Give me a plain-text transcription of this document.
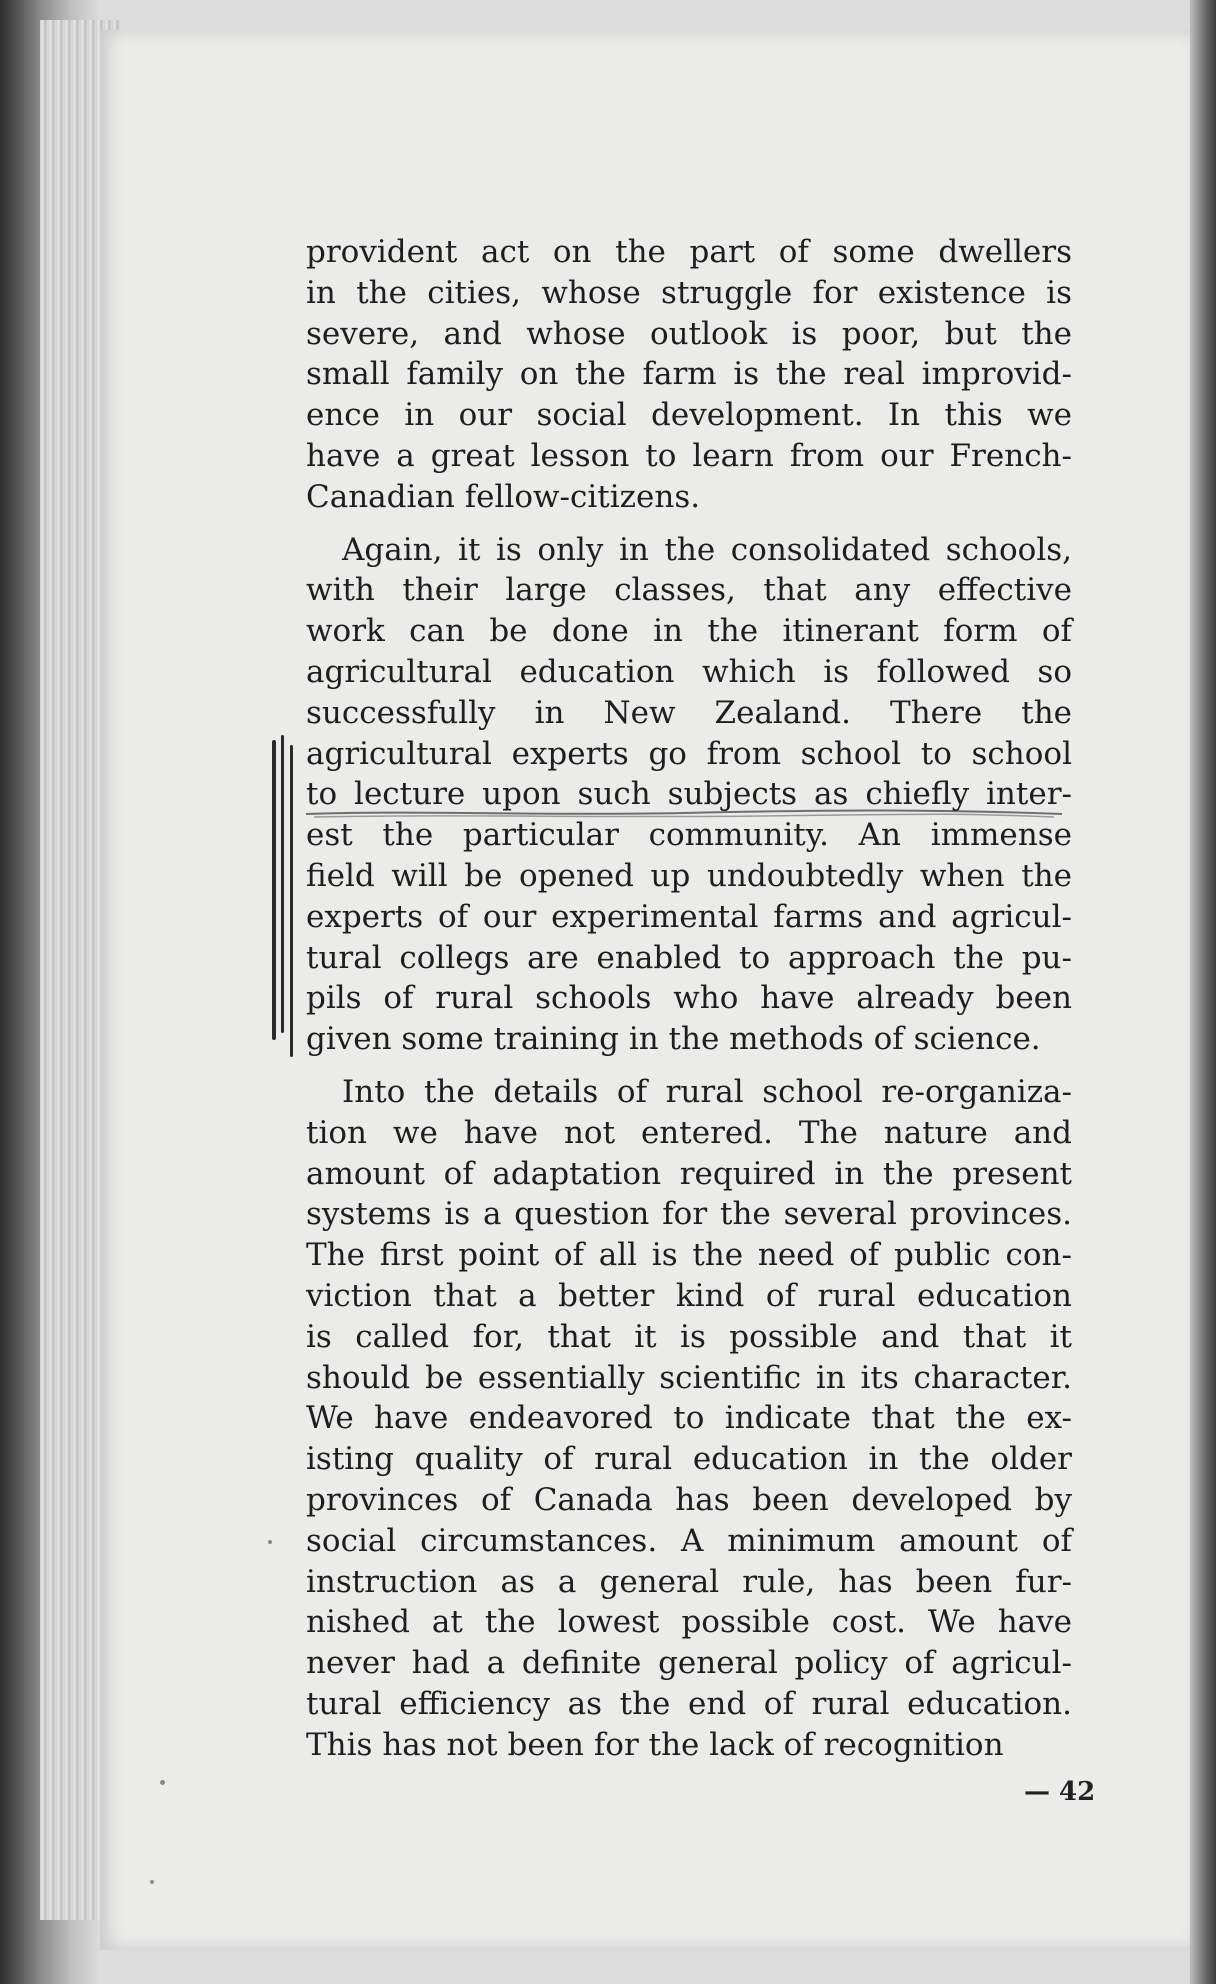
provident act on the part of some dwellers
in the cities, whose struggle for existence is
severe, and whose outlook is poor, but the
small family on the farm is the real improvid-
ence in our social development. In this we
have a great lesson to learn from our French-
Canadian fellow-citizens.
Again, it is only in the consolidated schools,
with their large classes, that any effective
work can be done in the itinerant form of
agricultural education which is followed so
successfully in New Zealand. There the
agricultural experts go from school to school
to lecture upon such subjects as chiefly inter-
est the particular community. An immense
field will be opened up undoubtedly when the
experts of our experimental farms and agricul-
tural collegs are enabled to approach the pu-
pils of rural schools who have already been
given some training in the methods of science.
Into the details of rural school re-organiza-
tion we have not entered. The nature and
amount of adaptation required in the present
systems is a question for the several provinces.
The first point of all is the need of public con-
viction that a better kind of rural education
is called for, that it is possible and that it
should be essentially scientific in its character.
We have endeavored to indicate that the ex-
isting quality of rural education in the older
provinces of Canada has been developed by
social circumstances. A minimum amount of
instruction as a general rule, has been fur-
nished at the lowest possible cost. We have
never had a definite general policy of agricul-
tural efficiency as the end of rural education.
This has not been for the lack of recognition
— 42
